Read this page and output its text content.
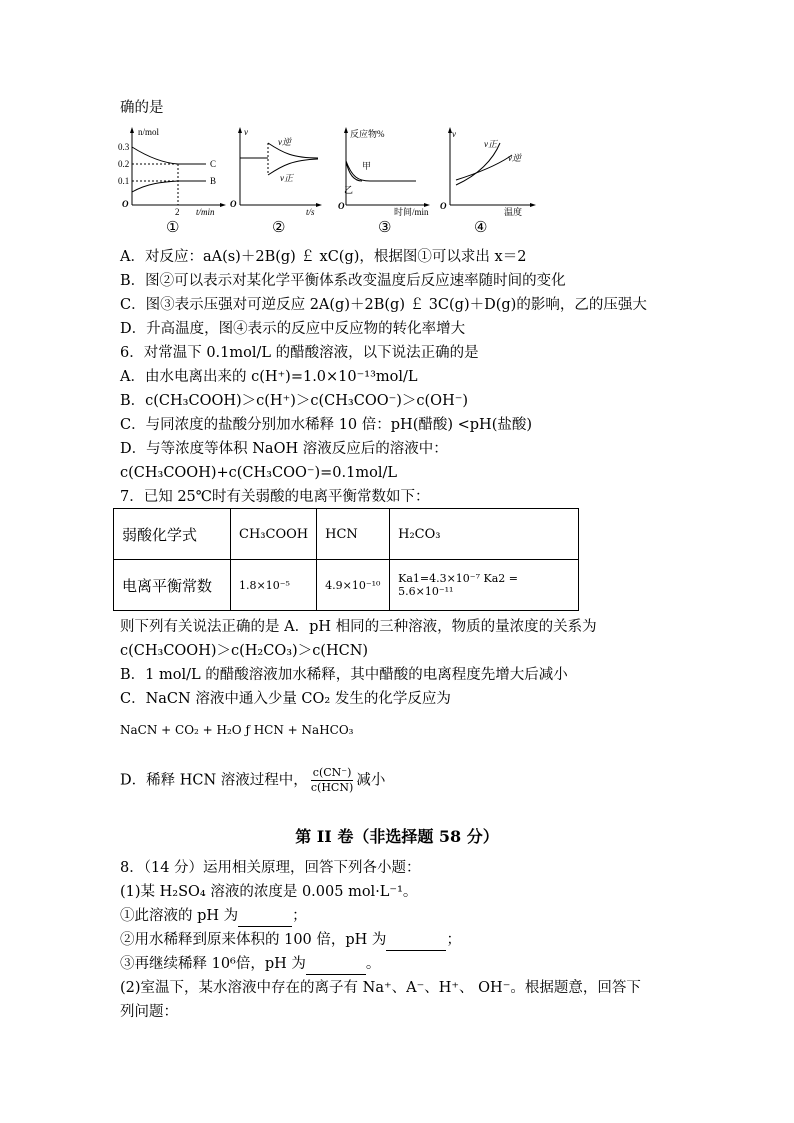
确的是
n/mol
0.3
0.2
0.1
O
2 t/min
C
B
v
O
t/s
v逆
v正
反应物%
O
时间/min
甲
乙
v
O
温度
v正
v逆
①	②	③	④
A．对反应：aA(s)＋2B(g) ￡ xC(g)，根据图①可以求出 x＝2
B．图②可以表示对某化学平衡体系改变温度后反应速率随时间的变化
C．图③表示压强对可逆反应 2A(g)＋2B(g) ￡ 3C(g)＋D(g)的影响，乙的压强大
D．升高温度，图④表示的反应中反应物的转化率增大
6．对常温下 0.1mol/L 的醋酸溶液，以下说法正确的是
A．由水电离出来的 c(H⁺)=1.0×10⁻¹³mol/L
B．c(CH₃COOH)＞c(H⁺)＞c(CH₃COO⁻)＞c(OH⁻)
C．与同浓度的盐酸分别加水稀释 10 倍：pH(醋酸) <pH(盐酸)
D．与等浓度等体积 NaOH 溶液反应后的溶液中：
c(CH₃COOH)+c(CH₃COO⁻)=0.1mol/L
7．已知 25℃时有关弱酸的电离平衡常数如下：
弱酸化学式	CH₃COOH	HCN	H₂CO₃
电离平衡常数	1.8×10⁻⁵	4.9×10⁻¹⁰	Ka1=4.3×10⁻⁷ Ka2 = 5.6×10⁻¹¹
则下列有关说法正确的是 A．pH 相同的三种溶液，物质的量浓度的关系为
c(CH₃COOH)＞c(H₂CO₃)＞c(HCN)
B．1 mol/L 的醋酸溶液加水稀释，其中醋酸的电离程度先增大后减小
C．NaCN 溶液中通入少量 CO₂ 发生的化学反应为
NaCN + CO₂ + H₂O ƒ HCN + NaHCO₃
D．稀释 HCN 溶液过程中， $\frac{c(CN^-)}{\text{c(HCN)}}$ 减小
第 II 卷（非选择题 58 分）
8．（14 分）运用相关原理，回答下列各小题：
(1)某 H₂SO₄ 溶液的浓度是 0.005 mol·L⁻¹。
①此溶液的 pH 为	；
②用水稀释到原来体积的 100 倍，pH 为	；
③再继续稀释 10⁶倍，pH 为	。
(2)室温下，某水溶液中存在的离子有 Na⁺、A⁻、H⁺、 OH⁻。根据题意，回答下
列问题：
